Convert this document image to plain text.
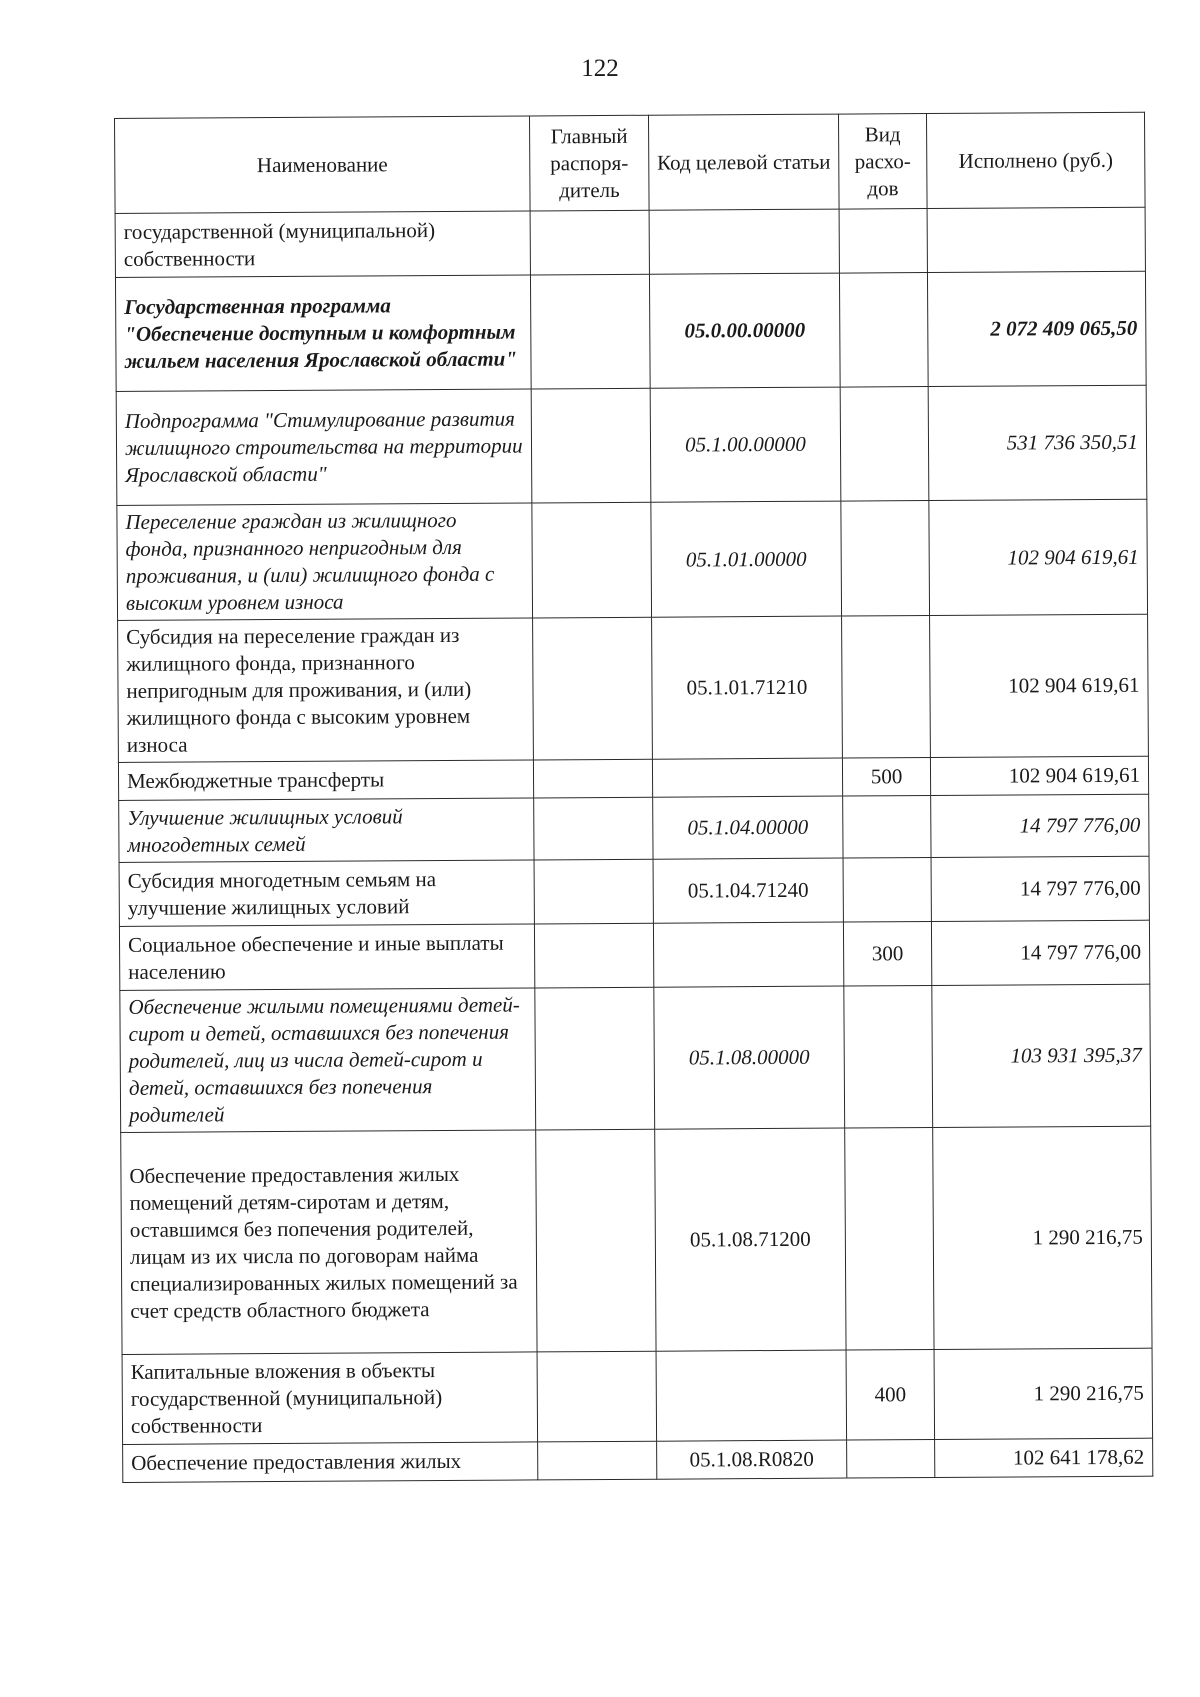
122
Наименование	Главный распоря-дитель	Код целевой статьи	Вид расхо-дов	Исполнено (руб.)
государственной (муниципальной) собственности				
Государственная программа "Обеспечение доступным и комфортным жильем населения Ярославской области"		05.0.00.00000		2 072 409 065,50
Подпрограмма "Стимулирование развития жилищного строительства на территории Ярославской области"		05.1.00.00000		531 736 350,51
Переселение граждан из жилищного фонда, признанного непригодным для проживания, и (или) жилищного фонда с высоким уровнем износа		05.1.01.00000		102 904 619,61
Субсидия на переселение граждан из жилищного фонда, признанного непригодным для проживания, и (или) жилищного фонда с высоким уровнем износа		05.1.01.71210		102 904 619,61
Межбюджетные трансферты			500	102 904 619,61
Улучшение жилищных условий многодетных семей		05.1.04.00000		14 797 776,00
Субсидия многодетным семьям на улучшение жилищных условий		05.1.04.71240		14 797 776,00
Социальное обеспечение и иные выплаты населению			300	14 797 776,00
Обеспечение жилыми помещениями детей-сирот и детей, оставшихся без попечения родителей, лиц из числа детей-сирот и детей, оставшихся без попечения родителей		05.1.08.00000		103 931 395,37
Обеспечение предоставления жилых помещений детям-сиротам и детям, оставшимся без попечения родителей, лицам из их числа по договорам найма специализированных жилых помещений за счет средств областного бюджета		05.1.08.71200		1 290 216,75
Капитальные вложения в объекты государственной (муниципальной) собственности			400	1 290 216,75
Обеспечение предоставления жилых		05.1.08.R0820		102 641 178,62
